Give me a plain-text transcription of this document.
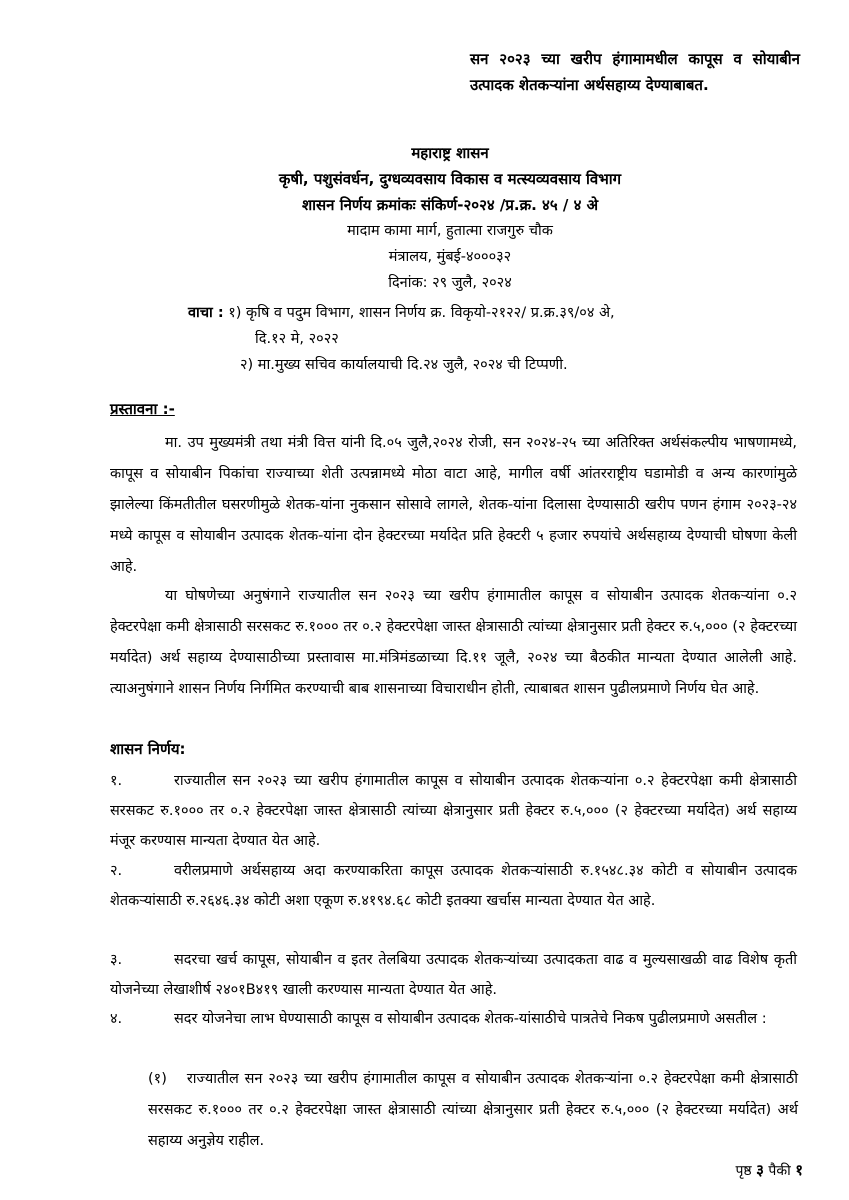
सन २०२३ च्या खरीप हंगामामधील कापूस व सोयाबीन उत्पादक शेतकऱ्यांना अर्थसहाय्य देण्याबाबत.
महाराष्ट्र शासन
कृषी, पशुसंवर्धन, दुग्धव्यवसाय विकास व मत्स्यव्यवसाय विभाग
शासन निर्णय क्रमांकः संकिर्ण-२०२४ /प्र.क्र. ४५ / ४ अे
मादाम कामा मार्ग, हुतात्मा राजगुरु चौक
मंत्रालय, मुंबई-४०००३२
दिनांक: २९ जुलै, २०२४
वाचा : १) कृषि व पदुम विभाग, शासन निर्णय क्र. विकृयो-२१२२/ प्र.क्र.३९/०४ अे,
दि.१२ मे, २०२२
२) मा.मुख्य सचिव कार्यालयाची दि.२४ जुलै, २०२४ ची टिप्पणी.
प्रस्तावना :-
मा. उप मुख्यमंत्री तथा मंत्री वित्त यांनी दि.०५ जुलै,२०२४ रोजी, सन २०२४-२५ च्या अतिरिक्त अर्थसंकल्पीय भाषणामध्ये, कापूस व सोयाबीन पिकांचा राज्याच्या शेती उत्पन्नामध्ये मोठा वाटा आहे, मागील वर्षी आंतरराष्ट्रीय घडामोडी व अन्य कारणांमुळे झालेल्या किंमतीतील घसरणीमुळे शेतक-यांना नुकसान सोसावे लागले, शेतक-यांना दिलासा देण्यासाठी खरीप पणन हंगाम २०२३-२४ मध्ये कापूस व सोयाबीन उत्पादक शेतक-यांना दोन हेक्टरच्या मर्यादेत प्रति हेक्टरी ५ हजार रुपयांचे अर्थसहाय्य देण्याची घोषणा केली आहे.
या घोषणेच्या अनुषंगाने राज्यातील सन २०२३ च्या खरीप हंगामातील कापूस व सोयाबीन उत्पादक शेतकऱ्यांना ०.२ हेक्टरपेक्षा कमी क्षेत्रासाठी सरसकट रु.१००० तर ०.२ हेक्टरपेक्षा जास्त क्षेत्रासाठी त्यांच्या क्षेत्रानुसार प्रती हेक्टर रु.५,००० (२ हेक्टरच्या मर्यादेत) अर्थ सहाय्य देण्यासाठीच्या प्रस्तावास मा.मंत्रिमंडळाच्या दि.११ जूलै, २०२४ च्या बैठकीत मान्यता देण्यात आलेली आहे. त्याअनुषंगाने शासन निर्णय निर्गमित करण्याची बाब शासनाच्या विचाराधीन होती, त्याबाबत शासन पुढीलप्रमाणे निर्णय घेत आहे.
शासन निर्णय:
१.	राज्यातील सन २०२३ च्या खरीप हंगामातील कापूस व सोयाबीन उत्पादक शेतकऱ्यांना ०.२ हेक्टरपेक्षा कमी क्षेत्रासाठी सरसकट रु.१००० तर ०.२ हेक्टरपेक्षा जास्त क्षेत्रासाठी त्यांच्या क्षेत्रानुसार प्रती हेक्टर रु.५,००० (२ हेक्टरच्या मर्यादेत) अर्थ सहाय्य मंजूर करण्यास मान्यता देण्यात येत आहे.
२.	वरीलप्रमाणे अर्थसहाय्य अदा करण्याकरिता कापूस उत्पादक शेतकऱ्यांसाठी रु.१५४८.३४ कोटी व सोयाबीन उत्पादक शेतकऱ्यांसाठी रु.२६४६.३४ कोटी अशा एकूण रु.४१९४.६८ कोटी इतक्या खर्चास मान्यता देण्यात येत आहे.
३.	सदरचा खर्च कापूस, सोयाबीन व इतर तेलबिया उत्पादक शेतकऱ्यांच्या उत्पादकता वाढ व मुल्यसाखळी वाढ विशेष कृती योजनेच्या लेखाशीर्ष २४०१B४१९ खाली करण्यास मान्यता देण्यात येत आहे.
४.	सदर योजनेचा लाभ घेण्यासाठी कापूस व सोयाबीन उत्पादक शेतक-यांसाठीचे पात्रतेचे निकष पुढीलप्रमाणे असतील :
(१) राज्यातील सन २०२३ च्या खरीप हंगामातील कापूस व सोयाबीन उत्पादक शेतकऱ्यांना ०.२ हेक्टरपेक्षा कमी क्षेत्रासाठी सरसकट रु.१००० तर ०.२ हेक्टरपेक्षा जास्त क्षेत्रासाठी त्यांच्या क्षेत्रानुसार प्रती हेक्टर रु.५,००० (२ हेक्टरच्या मर्यादेत) अर्थ सहाय्य अनुज्ञेय राहील.
पृष्ठ ३ पैकी १
